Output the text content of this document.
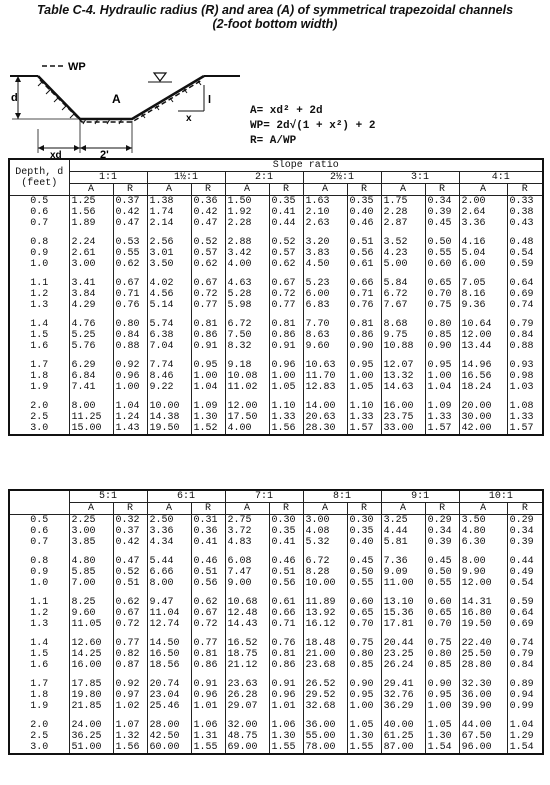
Table C-4. Hydraulic radius (R) and area (A) of symmetrical trapezoidal channels
(2-foot bottom width)
WP
d	A	l
x
xd	2'
A= xd² + 2d
WP= 2d√(1 + x²) + 2
R= A/WP
Depth, d (feet)	Slope ratio											
	1:1		1½:1		2:1		2½:1		3:1		4:1	
	A	R	A	R	A	R	A	R	A	R	A	R
0.5	1.25	0.37	1.38	0.36	1.50	0.35	1.63	0.35	1.75	0.34	2.00	0.33
0.6	1.56	0.42	1.74	0.42	1.92	0.41	2.10	0.40	2.28	0.39	2.64	0.38
0.7	1.89	0.47	2.14	0.47	2.28	0.44	2.63	0.46	2.87	0.45	3.36	0.43

0.8	2.24	0.53	2.56	0.52	2.88	0.52	3.20	0.51	3.52	0.50	4.16	0.48
0.9	2.61	0.55	3.01	0.57	3.42	0.57	3.83	0.56	4.23	0.55	5.04	0.54
1.0	3.00	0.62	3.50	0.62	4.00	0.62	4.50	0.61	5.00	0.60	6.00	0.59

1.1	3.41	0.67	4.02	0.67	4.63	0.67	5.23	0.66	5.84	0.65	7.05	0.64
1.2	3.84	0.71	4.56	0.72	5.28	0.72	6.00	0.71	6.72	0.70	8.16	0.69
1.3	4.29	0.76	5.14	0.77	5.98	0.77	6.83	0.76	7.67	0.75	9.36	0.74

1.4	4.76	0.80	5.74	0.81	6.72	0.81	7.70	0.81	8.68	0.80	10.64	0.79
1.5	5.25	0.84	6.38	0.86	7.50	0.86	8.63	0.86	9.75	0.85	12.00	0.84
1.6	5.76	0.88	7.04	0.91	8.32	0.91	9.60	0.90	10.88	0.90	13.44	0.88

1.7	6.29	0.92	7.74	0.95	9.18	0.96	10.63	0.95	12.07	0.95	14.96	0.93
1.8	6.84	0.96	8.46	1.00	10.08	1.00	11.70	1.00	13.32	1.00	16.56	0.98
1.9	7.41	1.00	9.22	1.04	11.02	1.05	12.83	1.05	14.63	1.04	18.24	1.03

2.0	8.00	1.04	10.00	1.09	12.00	1.10	14.00	1.10	16.00	1.09	20.00	1.08
2.5	11.25	1.24	14.38	1.30	17.50	1.33	20.63	1.33	23.75	1.33	30.00	1.33
3.0	15.00	1.43	19.50	1.52	4.00	1.56	28.30	1.57	33.00	1.57	42.00	1.57
	5:1		6:1		7:1		8:1		9:1		10:1	
	A	R	A	R	A	R	A	R	A	R	A	R
0.5	2.25	0.32	2.50	0.31	2.75	0.30	3.00	0.30	3.25	0.29	3.50	0.29
0.6	3.00	0.37	3.36	0.36	3.72	0.35	4.08	0.35	4.44	0.34	4.80	0.34
0.7	3.85	0.42	4.34	0.41	4.83	0.41	5.32	0.40	5.81	0.39	6.30	0.39

0.8	4.80	0.47	5.44	0.46	6.08	0.46	6.72	0.45	7.36	0.45	8.00	0.44
0.9	5.85	0.52	6.66	0.51	7.47	0.51	8.28	0.50	9.09	0.50	9.90	0.49
1.0	7.00	0.51	8.00	0.56	9.00	0.56	10.00	0.55	11.00	0.55	12.00	0.54

1.1	8.25	0.62	9.47	0.62	10.68	0.61	11.89	0.60	13.10	0.60	14.31	0.59
1.2	9.60	0.67	11.04	0.67	12.48	0.66	13.92	0.65	15.36	0.65	16.80	0.64
1.3	11.05	0.72	12.74	0.72	14.43	0.71	16.12	0.70	17.81	0.70	19.50	0.69

1.4	12.60	0.77	14.50	0.77	16.52	0.76	18.48	0.75	20.44	0.75	22.40	0.74
1.5	14.25	0.82	16.50	0.81	18.75	0.81	21.00	0.80	23.25	0.80	25.50	0.79
1.6	16.00	0.87	18.56	0.86	21.12	0.86	23.68	0.85	26.24	0.85	28.80	0.84

1.7	17.85	0.92	20.74	0.91	23.63	0.91	26.52	0.90	29.41	0.90	32.30	0.89
1.8	19.80	0.97	23.04	0.96	26.28	0.96	29.52	0.95	32.76	0.95	36.00	0.94
1.9	21.85	1.02	25.46	1.01	29.07	1.01	32.68	1.00	36.29	1.00	39.90	0.99

2.0	24.00	1.07	28.00	1.06	32.00	1.06	36.00	1.05	40.00	1.05	44.00	1.04
2.5	36.25	1.32	42.50	1.31	48.75	1.30	55.00	1.30	61.25	1.30	67.50	1.29
3.0	51.00	1.56	60.00	1.55	69.00	1.55	78.00	1.55	87.00	1.54	96.00	1.54
